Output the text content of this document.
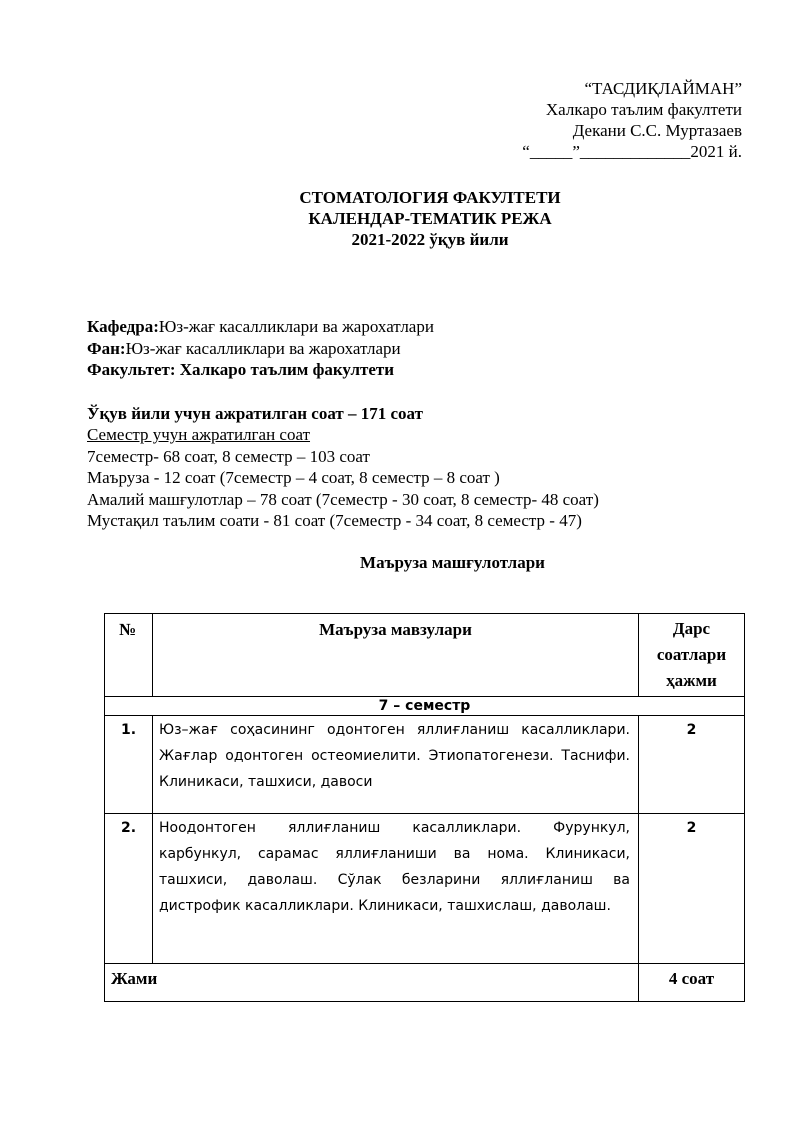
“ТАСДИҚЛАЙМАН”
Халкаро таълим факултети
Декани С.С. Муртазаев
“_____”_____________2021 й.
СТОМАТОЛОГИЯ ФАКУЛТЕТИ
КАЛЕНДАР-ТЕМАТИК РЕЖА
2021-2022 ўқув йили
Кафедра:Юз-жағ касалликлари ва жарохатлари
Фан:Юз-жағ касалликлари ва жарохатлари
Факультет: Халкаро таълим факултети
Ўқув йили учун ажратилган соат – 171 соат
Семестр учун ажратилган соат
7семестр- 68 соат, 8 семестр – 103 соат
Маъруза - 12 соат (7семестр – 4 соат, 8 семестр – 8 соат )
Амалий машғулотлар – 78 соат (7семестр - 30 соат, 8 семестр- 48 соат)
Мустақил таълим соати - 81 соат (7семестр - 34 соат, 8 семестр - 47)
Маъруза машғулотлари
№	Маъруза мавзулари	Дарс соатлари ҳажми

7 – семестр		

1.	Юз–жағ соҳасининг одонтоген яллиғланиш касалликлари. Жағлар одонтоген остеомиелити. Этиопатогенези. Таснифи. Клиникаси, ташхиси, давоси	2
2.	Ноодонтоген яллиғланиш касалликлари. Фурункул, карбункул, сарамас яллиғланиши ва нома. Клиникаси, ташхиси, даволаш. Сўлак безларини яллиғланиш ва дистрофик касалликлари. Клиникаси, ташхислаш, даволаш.	2
Жами		4 соат
